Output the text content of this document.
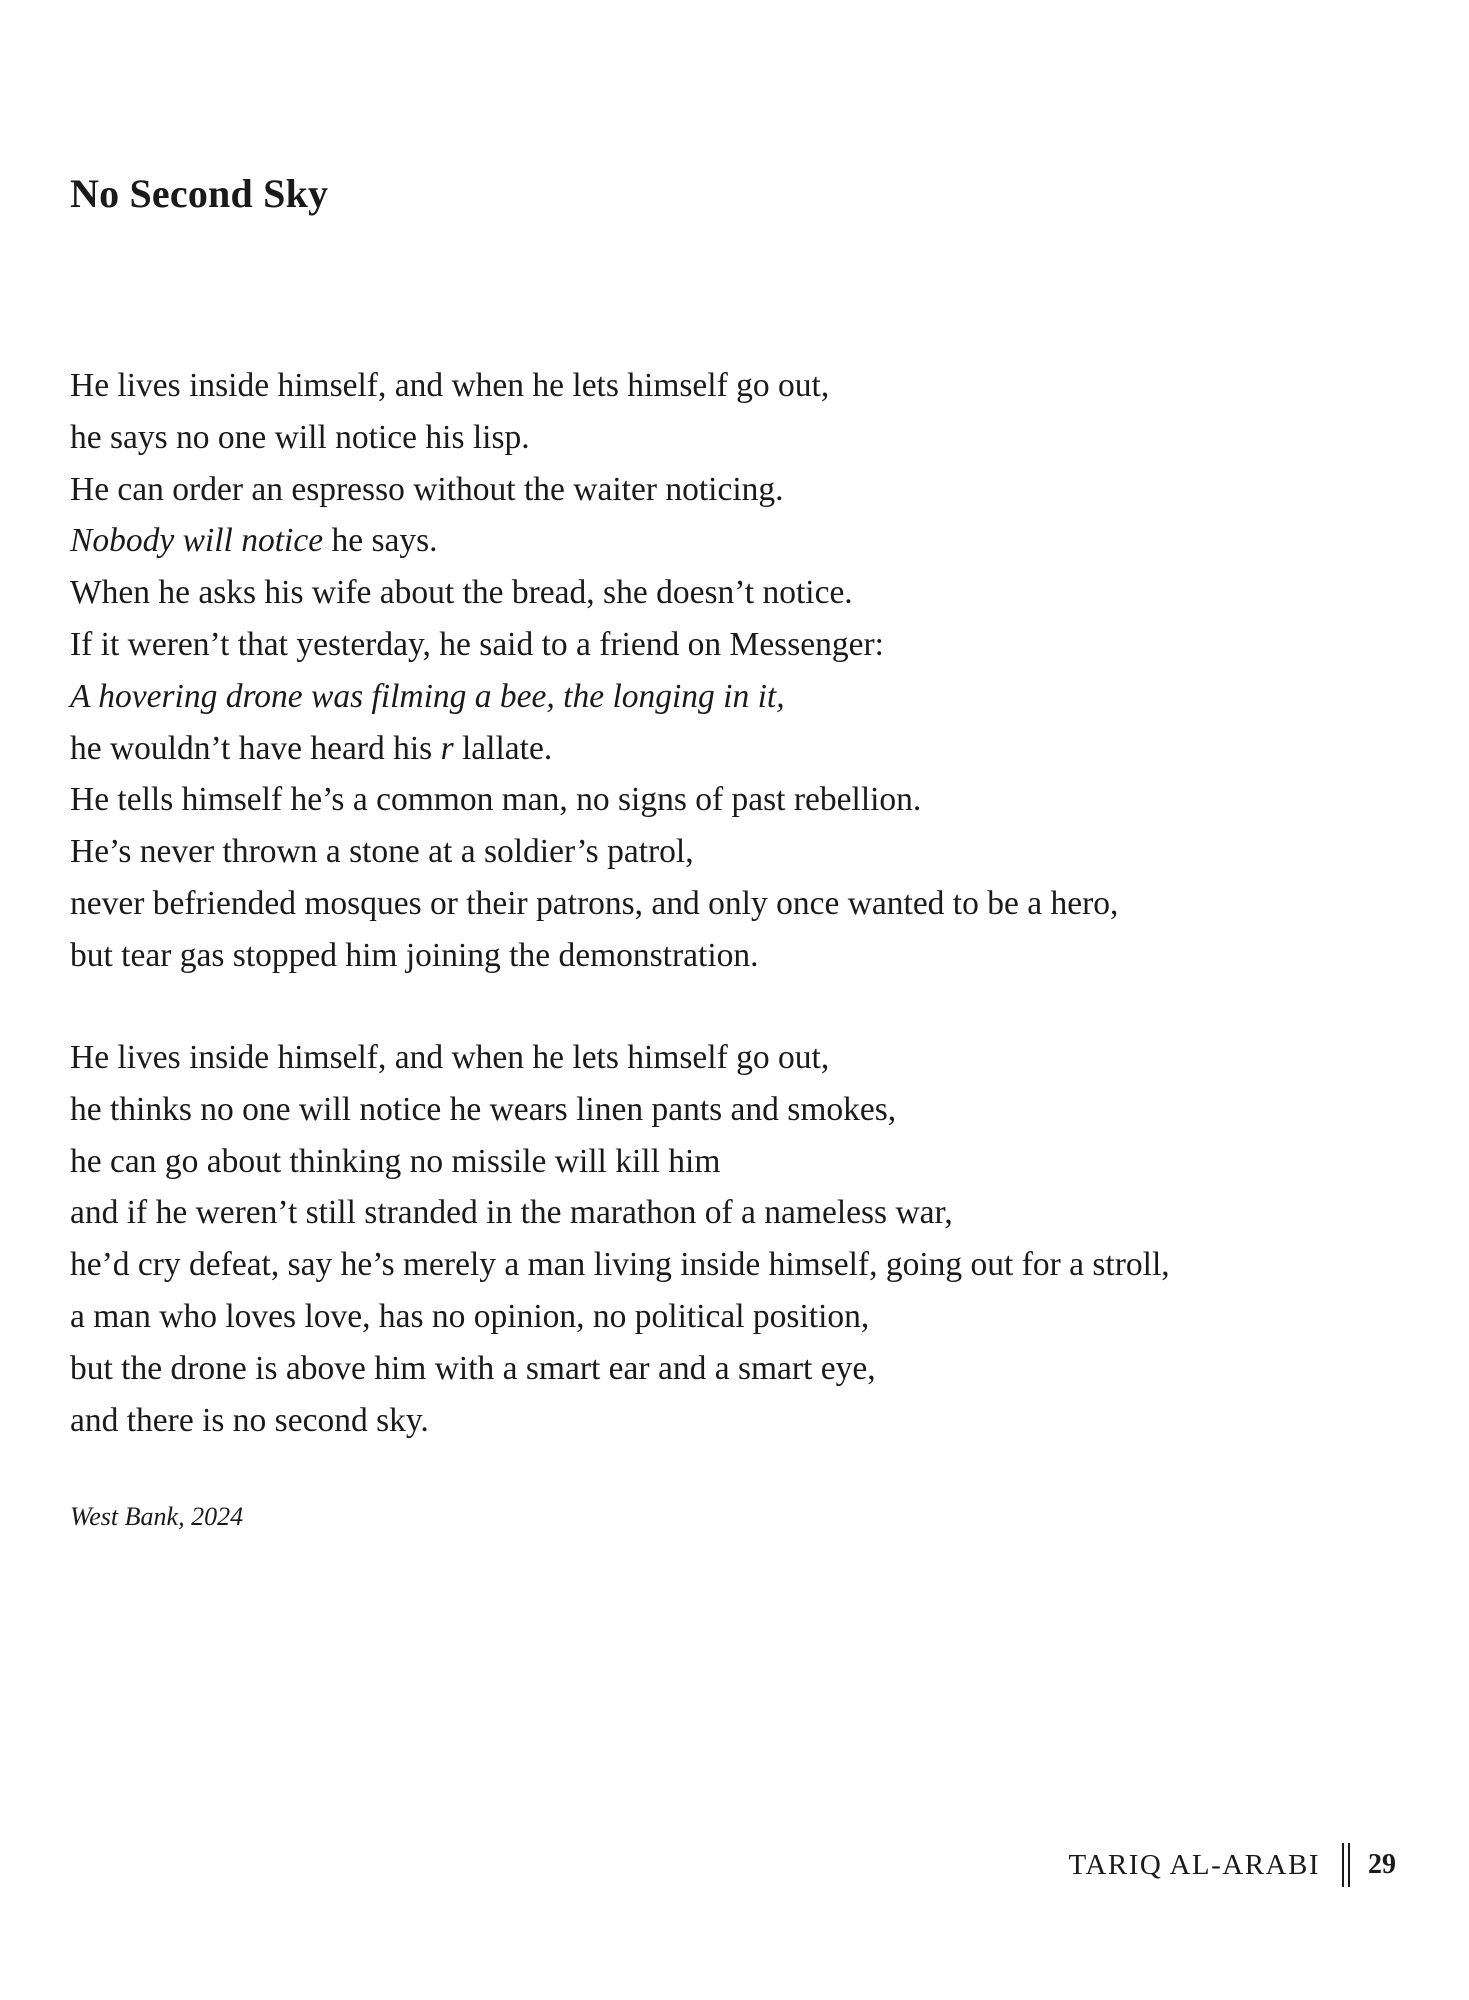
No Second Sky

He lives inside himself, and when he lets himself go out,
he says no one will notice his lisp.
He can order an espresso without the waiter noticing.
Nobody will notice he says.
When he asks his wife about the bread, she doesn’t notice.
If it weren’t that yesterday, he said to a friend on Messenger:
A hovering drone was filming a bee, the longing in it,
he wouldn’t have heard his r lallate.
He tells himself he’s a common man, no signs of past rebellion.
He’s never thrown a stone at a soldier’s patrol,
never befriended mosques or their patrons, and only once wanted to be a hero,
but tear gas stopped him joining the demonstration.

He lives inside himself, and when he lets himself go out,
he thinks no one will notice he wears linen pants and smokes,
he can go about thinking no missile will kill him
and if he weren’t still stranded in the marathon of a nameless war,
he’d cry defeat, say he’s merely a man living inside himself, going out for a stroll,
a man who loves love, has no opinion, no political position,
but the drone is above him with a smart ear and a smart eye,
and there is no second sky.

West Bank, 2024

TARIQ AL-ARABI 29
